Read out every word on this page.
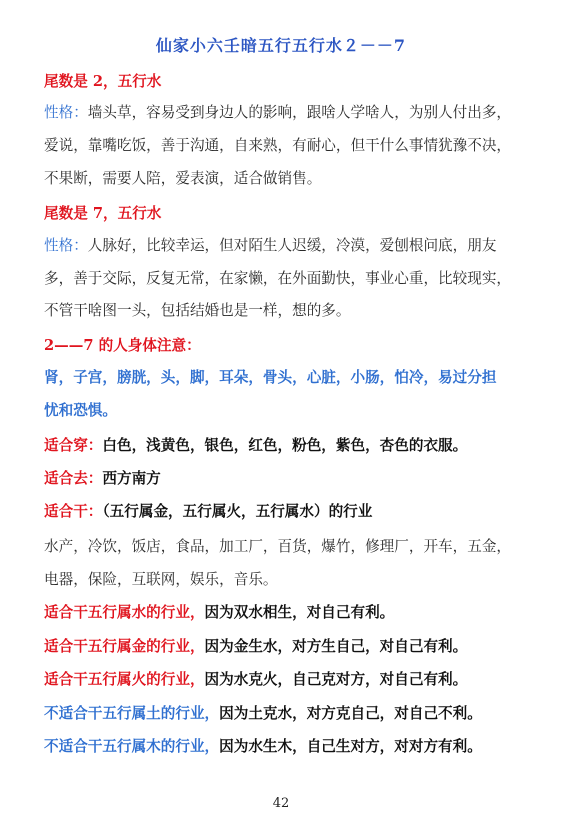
仙家小六壬暗五行五行水２－－7
尾数是 2，五行水
性格：墙头草，容易受到身边人的影响，跟啥人学啥人，为别人付出多，
爱说，靠嘴吃饭，善于沟通，自来熟，有耐心，但干什么事情犹豫不决，
不果断，需要人陪，爱表演，适合做销售。
尾数是 7，五行水
性格：人脉好，比较幸运，但对陌生人迟缓，冷漠，爱刨根问底，朋友
多，善于交际，反复无常，在家懒，在外面勤快，事业心重，比较现实，
不管干啥图一头，包括结婚也是一样，想的多。
2——7 的人身体注意：
肾，子宫，膀胱，头，脚，耳朵，骨头，心脏，小肠，怕冷，易过分担
忧和恐惧。
适合穿：白色，浅黄色，银色，红色，粉色，紫色，杏色的衣服。
适合去：西方南方
适合干：（五行属金，五行属火，五行属水）的行业
水产，冷饮，饭店，食品，加工厂，百货，爆竹，修理厂，开车，五金，
电器，保险，互联网，娱乐，音乐。
适合干五行属水的行业，因为双水相生，对自己有利。
适合干五行属金的行业，因为金生水，对方生自己，对自己有利。
适合干五行属火的行业，因为水克火，自己克对方，对自己有利。
不适合干五行属土的行业，因为土克水，对方克自己，对自己不利。
不适合干五行属木的行业，因为水生木，自己生对方，对对方有利。
42
